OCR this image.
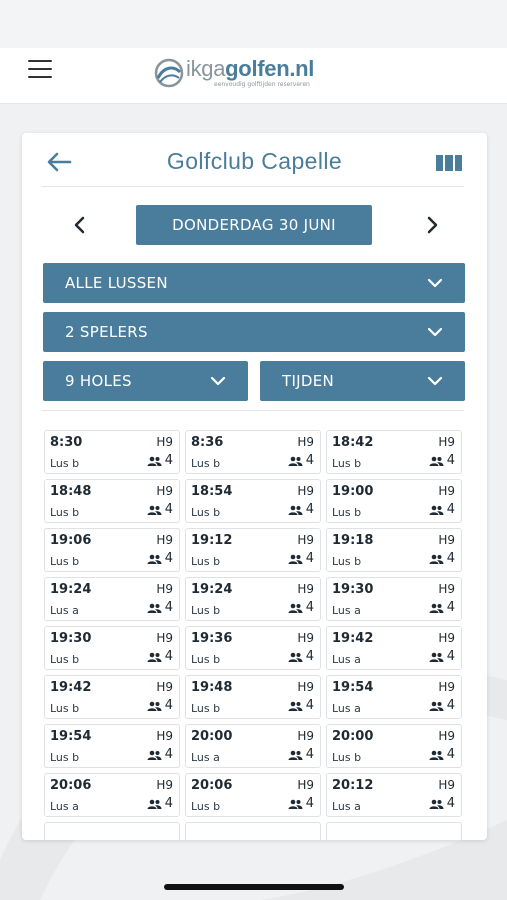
ikgagolfen.nl
eenvoudig golftijden reserveren
Golfclub Capelle
DONDERDAG 30 JUNI
ALLE LUSSEN
2 SPELERS
9 HOLES	TIJDEN
8:30	H9
Lus b	4
8:36	H9
Lus b	4
18:42	H9
Lus b	4
18:48	H9
Lus b	4
18:54	H9
Lus b	4
19:00	H9
Lus b	4
19:06	H9
Lus b	4
19:12	H9
Lus b	4
19:18	H9
Lus b	4
19:24	H9
Lus a	4
19:24	H9
Lus b	4
19:30	H9
Lus a	4
19:30	H9
Lus b	4
19:36	H9
Lus b	4
19:42	H9
Lus a	4
19:42	H9
Lus b	4
19:48	H9
Lus b	4
19:54	H9
Lus a	4
19:54	H9
Lus b	4
20:00	H9
Lus a	4
20:00	H9
Lus b	4
20:06	H9
Lus a	4
20:06	H9
Lus b	4
20:12	H9
Lus a	4
